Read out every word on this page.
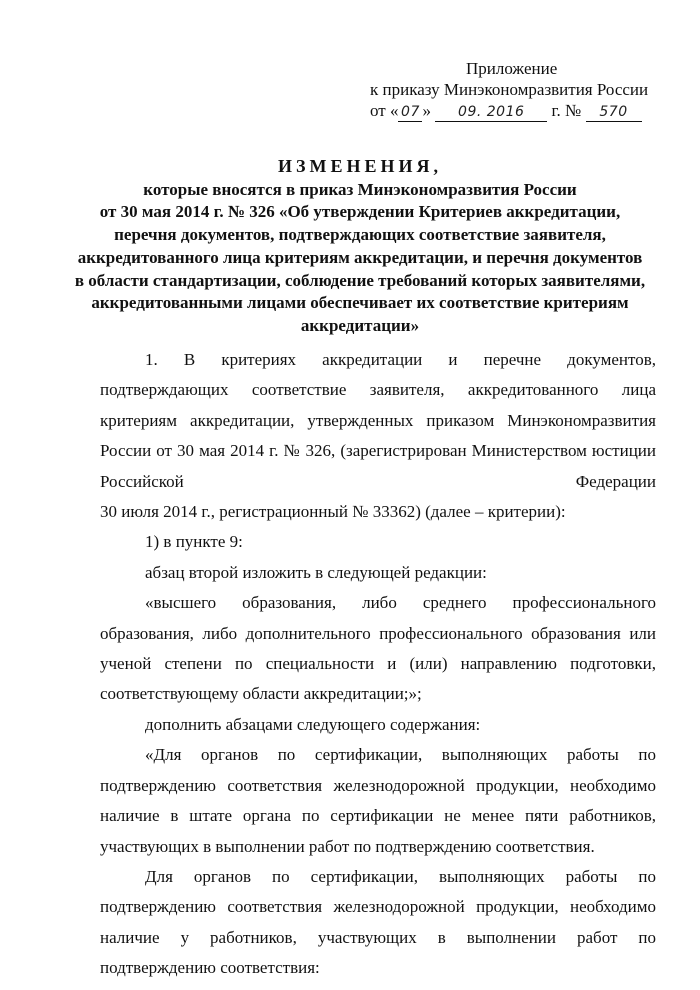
Приложение
к приказу Минэкономразвития России
от « 07 » 09. 2016 г. № 570
ИЗМЕНЕНИЯ,
которые вносятся в приказ Минэкономразвития России
от 30 мая 2014 г. № 326 «Об утверждении Критериев аккредитации,
перечня документов, подтверждающих соответствие заявителя,
аккредитованного лица критериям аккредитации, и перечня документов
в области стандартизации, соблюдение требований которых заявителями,
аккредитованными лицами обеспечивает их соответствие критериям
аккредитации»

1. В критериях аккредитации и перечне документов, подтверждающих соответствие заявителя, аккредитованного лица критериям аккредитации, утвержденных приказом Минэкономразвития России от 30 мая 2014 г. № 326, (зарегистрирован Министерством юстиции Российской Федерации

30 июля 2014 г., регистрационный № 33362) (далее – критерии):

1) в пункте 9:

абзац второй изложить в следующей редакции:

«высшего образования, либо среднего профессионального образования, либо дополнительного профессионального образования или ученой степени по специальности и (или) направлению подготовки, соответствующему области аккредитации;»;

дополнить абзацами следующего содержания:

«Для органов по сертификации, выполняющих работы по подтверждению соответствия железнодорожной продукции, необходимо наличие в штате органа по сертификации не менее пяти работников, участвующих в выполнении работ по подтверждению соответствия.

Для органов по сертификации, выполняющих работы по подтверждению соответствия железнодорожной продукции, необходимо наличие у работников, участвующих в выполнении работ по подтверждению соответствия:
